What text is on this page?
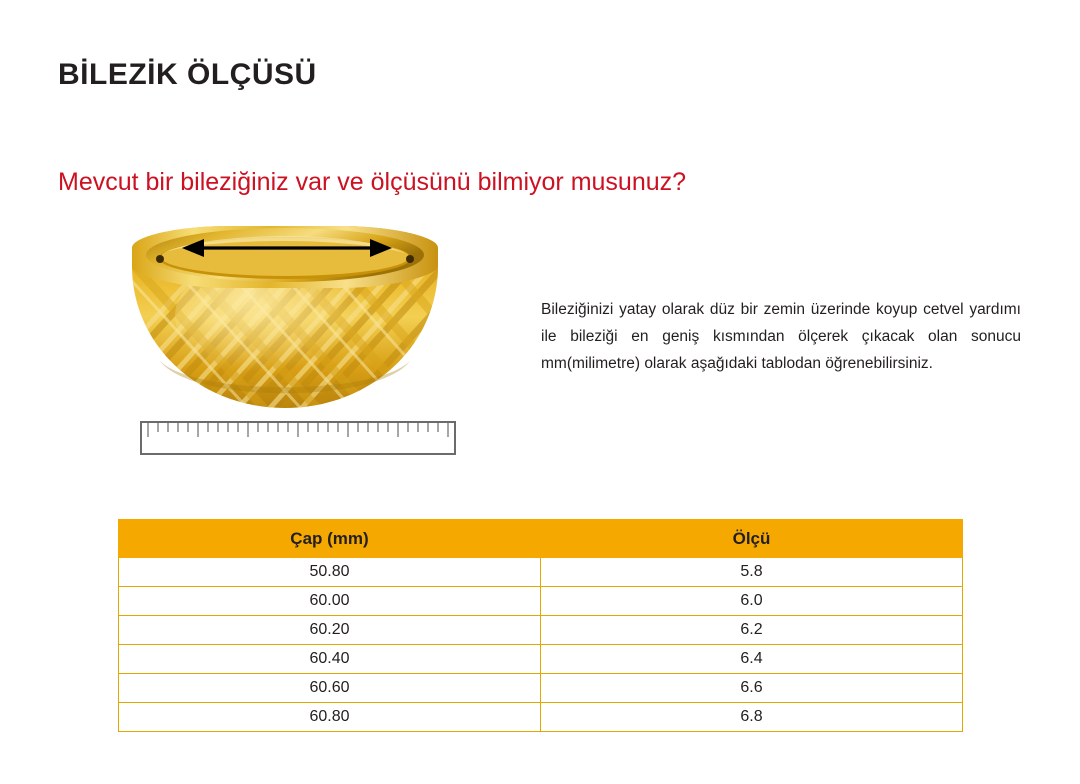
BİLEZİK ÖLÇÜSÜ
Mevcut bir bileziğiniz var ve ölçüsünü bilmiyor musunuz?

Bileziğinizi yatay olarak düz bir zemin üzerinde koyup cetvel yardımı ile bileziği en geniş kısmından ölçerek çıkacak olan sonucu mm(milimetre) olarak aşağıdaki tablodan öğrenebilirsiniz.

Çap (mm)	Ölçü
50.80	5.8
60.00	6.0
60.20	6.2
60.40	6.4
60.60	6.6
60.80	6.8
